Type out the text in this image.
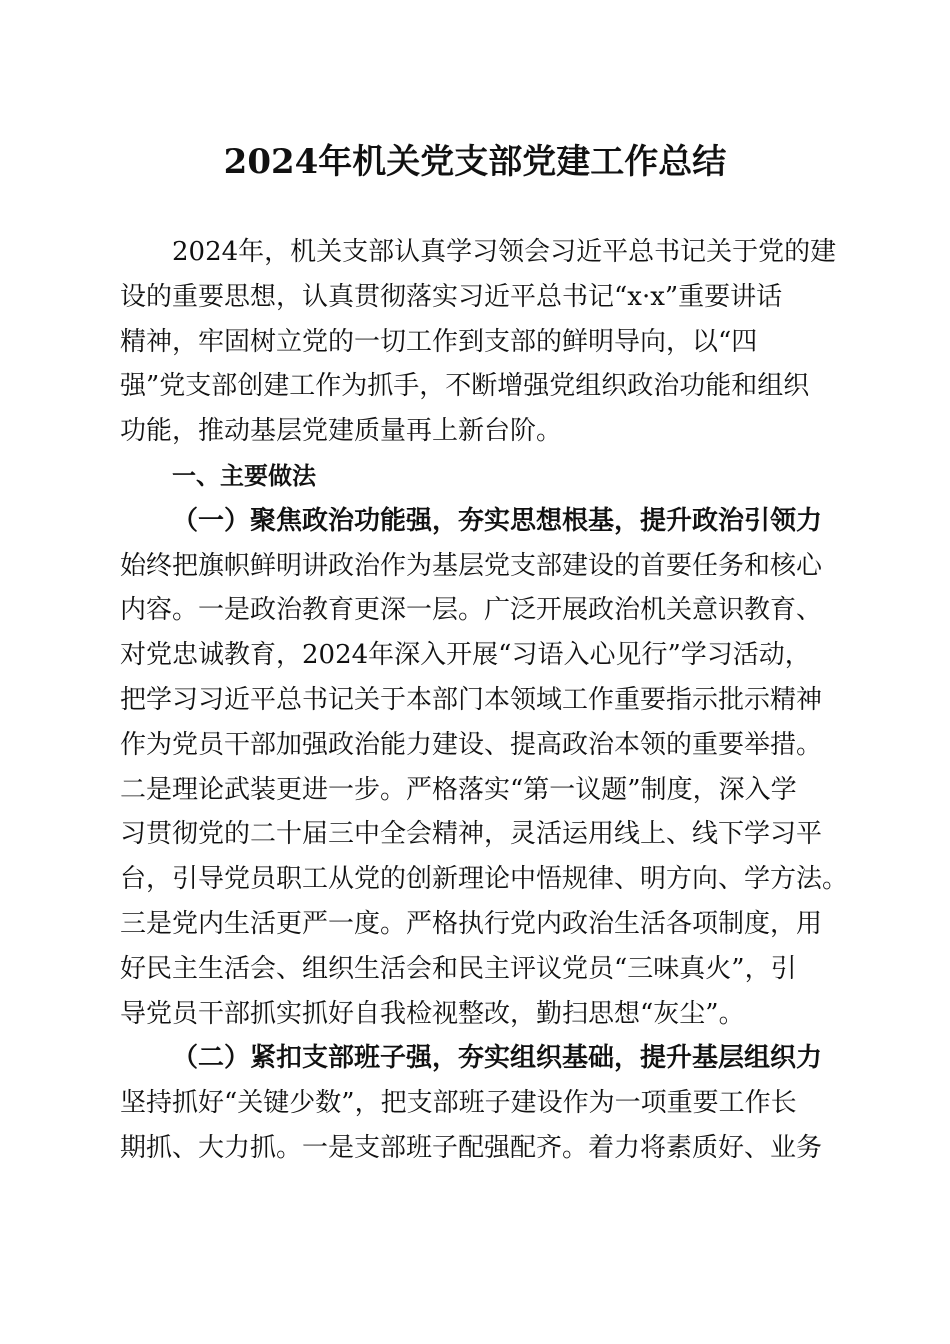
2024年机关党支部党建工作总结
2024年，机关支部认真学习领会习近平总书记关于党的建
设的重要思想，认真贯彻落实习近平总书记“x·x”重要讲话
精神，牢固树立党的一切工作到支部的鲜明导向，以“四
强”党支部创建工作为抓手，不断增强党组织政治功能和组织
功能，推动基层党建质量再上新台阶。
一、主要做法
（一）聚焦政治功能强，夯实思想根基，提升政治引领力
始终把旗帜鲜明讲政治作为基层党支部建设的首要任务和核心
内容。一是政治教育更深一层。广泛开展政治机关意识教育、
对党忠诚教育，2024年深入开展“习语入心见行”学习活动，
把学习习近平总书记关于本部门本领域工作重要指示批示精神
作为党员干部加强政治能力建设、提高政治本领的重要举措。
二是理论武装更进一步。严格落实“第一议题”制度，深入学
习贯彻党的二十届三中全会精神，灵活运用线上、线下学习平
台，引导党员职工从党的创新理论中悟规律、明方向、学方法。
三是党内生活更严一度。严格执行党内政治生活各项制度，用
好民主生活会、组织生活会和民主评议党员“三味真火”，引
导党员干部抓实抓好自我检视整改，勤扫思想“灰尘”。
（二）紧扣支部班子强，夯实组织基础，提升基层组织力
坚持抓好“关键少数”，把支部班子建设作为一项重要工作长
期抓、大力抓。一是支部班子配强配齐。着力将素质好、业务
